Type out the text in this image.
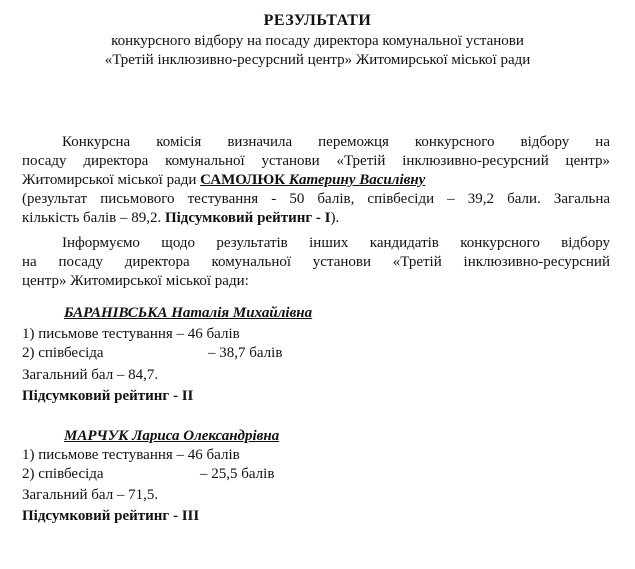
РЕЗУЛЬТАТИ
конкурсного відбору на посаду директора комунальної установи
«Третій інклюзивно-ресурсний центр» Житомирської міської ради
Конкурсна комісія визначила переможця конкурсного відбору на
посаду директора комунальної установи «Третій інклюзивно-ресурсний центр»
Житомирської міської ради САМОЛЮК Катерину Василівну
(результат письмового тестування - 50 балів, співбесіди – 39,2 бали. Загальна
кількість балів – 89,2. Підсумковий рейтинг - І).
Інформуємо щодо результатів інших кандидатів конкурсного відбору
на посаду директора комунальної установи «Третій інклюзивно-ресурсний
центр» Житомирської міської ради:
БАРАНІВСЬКА Наталія Михайлівна
1) письмове тестування – 46 балів
2) співбесіда	– 38,7 балів
Загальний бал – 84,7.
Підсумковий рейтинг - ІІ
МАРЧУК Лариса Олександрівна
1) письмове тестування – 46 балів
2) співбесіда	– 25,5 балів
Загальний бал – 71,5.
Підсумковий рейтинг - ІІІ
